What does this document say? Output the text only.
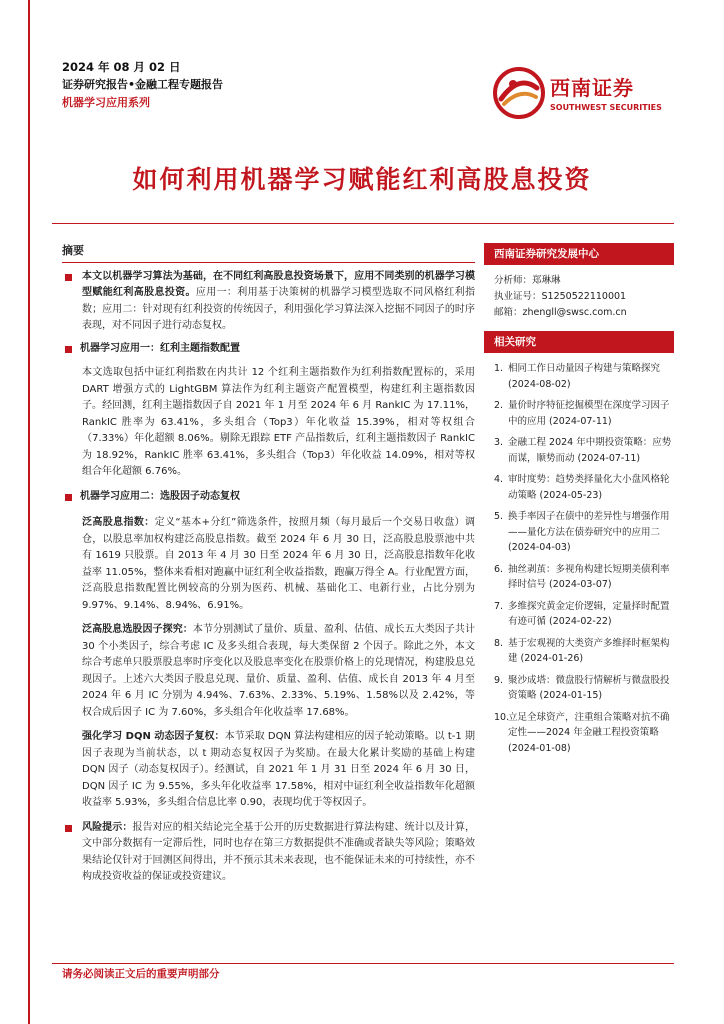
2024 年 08 月 02 日
证券研究报告•金融工程专题报告
机器学习应用系列
西南证券
SOUTHWEST SECURITIES
如何利用机器学习赋能红利高股息投资
摘要
本文以机器学习算法为基础，在不同红利高股息投资场景下，应用不同类别的机器学习模型赋能红利高股息投资。应用一：利用基于决策树的机器学习模型选取不同风格红利指数；应用二：针对现有红利投资的传统因子，利用强化学习算法深入挖掘不同因子的时序表现，对不同因子进行动态复权。
机器学习应用一：红利主题指数配置
本文选取包括中证红利指数在内共计 12 个红利主题指数作为红利指数配置标的，采用 DART 增强方式的 LightGBM 算法作为红利主题资产配置模型，构建红利主题指数因子。经回测，红利主题指数因子自 2021 年 1 月至 2024 年 6 月 RankIC 为 17.11%，RankIC 胜率为 63.41%，多头组合（Top3）年化收益 15.39%，相对等权组合（7.33%）年化超额 8.06%。剔除无跟踪 ETF 产品指数后，红利主题指数因子 RankIC 为 18.92%，RankIC 胜率 63.41%，多头组合（Top3）年化收益 14.09%，相对等权组合年化超额 6.76%。
机器学习应用二：选股因子动态复权
泛高股息指数：定义“基本+分红”筛选条件，按照月频（每月最后一个交易日收盘）调仓，以股息率加权构建泛高股息指数。截至 2024 年 6 月 30 日，泛高股息股票池中共有 1619 只股票。自 2013 年 4 月 30 日至 2024 年 6 月 30 日，泛高股息指数年化收益率 11.05%，整体来看相对跑赢中证红利全收益指数，跑赢万得全 A。行业配置方面，泛高股息指数配置比例较高的分别为医药、机械、基础化工、电新行业，占比分别为 9.97%、9.14%、8.94%、6.91%。
泛高股息选股因子探究：本节分别测试了量价、质量、盈利、估值、成长五大类因子共计 30 个小类因子，综合考虑 IC 及多头组合表现，每大类保留 2 个因子。除此之外，本文综合考虑单只股票股息率时序变化以及股息率变化在股票价格上的兑现情况，构建股息兑现因子。上述六大类因子股息兑现、量价、质量、盈利、估值、成长自 2013 年 4 月至 2024 年 6 月 IC 分别为 4.94%、7.63%、2.33%、5.19%、1.58%以及 2.42%，等权合成后因子 IC 为 7.60%，多头组合年化收益率 17.68%。
强化学习 DQN 动态因子复权：本节采取 DQN 算法构建相应的因子轮动策略。以 t-1 期因子表现为当前状态，以 t 期动态复权因子为奖励。在最大化累计奖励的基础上构建 DQN 因子（动态复权因子）。经测试，自 2021 年 1 月 31 日至 2024 年 6 月 30 日，DQN 因子 IC 为 9.55%，多头年化收益率 17.58%，相对中证红利全收益指数年化超额收益率 5.93%，多头组合信息比率 0.90，表现均优于等权因子。
风险提示：报告对应的相关结论完全基于公开的历史数据进行算法构建、统计以及计算，文中部分数据有一定滞后性，同时也存在第三方数据提供不准确或者缺失等风险；策略效果结论仅针对于回测区间得出，并不预示其未来表现，也不能保证未来的可持续性，亦不构成投资收益的保证或投资建议。
西南证券研究发展中心
分析师：郑琳琳
执业证号：S1250522110001
邮箱：zhengll@swsc.com.cn
相关研究
1. 相同工作日动量因子构建与策略探究 (2024-08-02)
2. 量价时序特征挖掘模型在深度学习因子中的应用 (2024-07-11)
3. 金融工程 2024 年中期投资策略：应势而谋，顺势而动 (2024-07-11)
4. 审时度势：趋势类择量化大小盘风格轮动策略 (2024-05-23)
5. 换手率因子在债中的差异性与增强作用——量化方法在债券研究中的应用二 (2024-04-03)
6. 抽丝剥茧：多视角构建长短期美债利率择时信号 (2024-03-07)
7. 多维探究黄金定价逻辑，定量择时配置有迹可循 (2024-02-22)
8. 基于宏观视的大类资产多维择时框架构建 (2024-01-26)
9. 聚沙成塔：微盘股行情解析与微盘股投资策略 (2024-01-15)
10.
立足全球资产，注重组合策略对抗不确定性——2024 年金融工程投资策略 (2024-01-08)
请务必阅读正文后的重要声明部分
